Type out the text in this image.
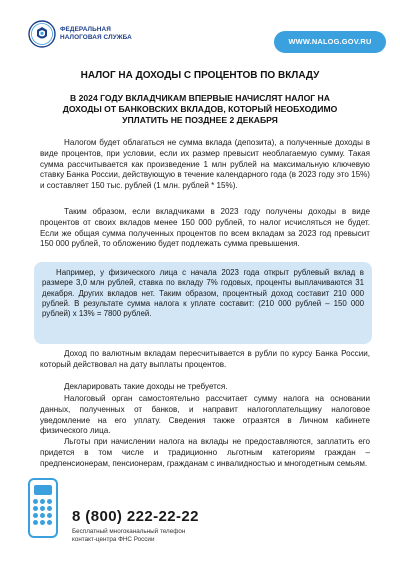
ФЕДЕРАЛЬНАЯ
НАЛОГОВАЯ СЛУЖБА	WWW.NALOG.GOV.RU
НАЛОГ НА ДОХОДЫ С ПРОЦЕНТОВ ПО ВКЛАДУ
В 2024 ГОДУ ВКЛАДЧИКАМ ВПЕРВЫЕ НАЧИСЛЯТ НАЛОГ НА ДОХОДЫ ОТ БАНКОВСКИХ ВКЛАДОВ, КОТОРЫЙ НЕОБХОДИМО УПЛАТИТЬ НЕ ПОЗДНЕЕ 2 ДЕКАБРЯ

Налогом будет облагаться не сумма вклада (депозита), а полученные доходы в виде процентов, при условии, если их размер превысит необлагаемую сумму. Такая сумма рассчитывается как произведение 1 млн рублей на максимальную ключевую ставку Банка России, действующую в течение календарного года (в 2023 году это 15%) и составляет 150 тыс. рублей (1 млн. рублей * 15%).

Таким образом, если вкладчиками в 2023 году получены доходы в виде процентов от своих вкладов менее 150 000 рублей, то налог исчисляться не будет. Если же общая сумма полученных процентов по всем вкладам за 2023 год превысит 150 000 рублей, то обложению будет подлежать сумма превышения.

Например, у физического лица с начала 2023 года открыт рублевый вклад в размере 3,0 млн рублей, ставка по вкладу 7% годовых, проценты выплачиваются 31 декабря. Других вкладов нет. Таким образом, процентный доход составит 210 000 рублей. В результате сумма налога к уплате составит: (210 000 рублей – 150 000 рублей) х 13% = 7800 рублей.

Доход по валютным вкладам пересчитывается в рубли по курсу Банка России, который действовал на дату выплаты процентов.

Декларировать такие доходы не требуется.

Налоговый орган самостоятельно рассчитает сумму налога на основании данных, полученных от банков, и направит налогоплательщику налоговое уведомление на его уплату. Сведения также отразятся в Личном кабинете физического лица.

Льготы при начислении налога на вклады не предоставляются, заплатить его придется в том числе и традиционно льготным категориям граждан – предпенсионерам, пенсионерам, гражданам с инвалидностью и многодетным семьям.

8 (800) 222-22-22
Бесплатный многоканальный телефон
контакт-центра ФНС России
